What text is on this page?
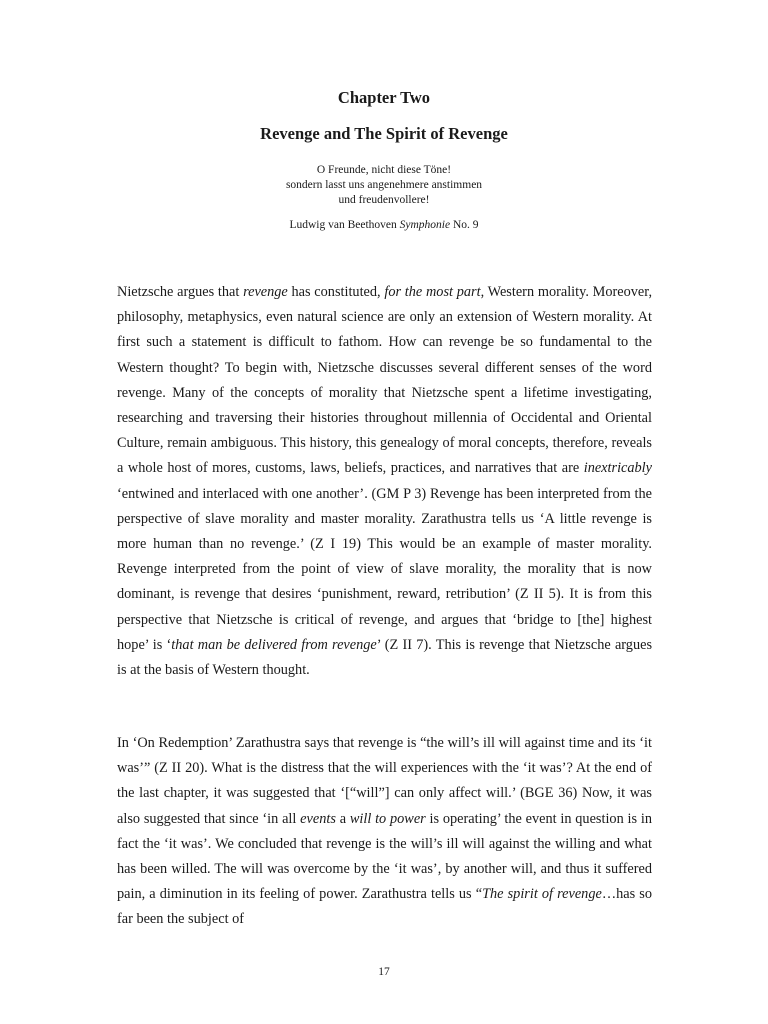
Chapter Two
Revenge and The Spirit of Revenge
O Freunde, nicht diese Töne!
sondern lasst uns angenehmere anstimmen
und freudenvollere!
Ludwig van Beethoven Symphonie No. 9

Nietzsche argues that revenge has constituted, for the most part, Western morality. Moreover, philosophy, metaphysics, even natural science are only an extension of Western morality. At first such a statement is difficult to fathom. How can revenge be so fundamental to the Western thought? To begin with, Nietzsche discusses several different senses of the word revenge. Many of the concepts of morality that Nietzsche spent a lifetime investigating, researching and traversing their histories throughout millennia of Occidental and Oriental Culture, remain ambiguous. This history, this genealogy of moral concepts, therefore, reveals a whole host of mores, customs, laws, beliefs, practices, and narratives that are inextricably ‘entwined and interlaced with one another’. (GM P 3) Revenge has been interpreted from the perspective of slave morality and master morality. Zarathustra tells us ‘A little revenge is more human than no revenge.’ (Z I 19) This would be an example of master morality. Revenge interpreted from the point of view of slave morality, the morality that is now dominant, is revenge that desires ‘punishment, reward, retribution’ (Z II 5). It is from this perspective that Nietzsche is critical of revenge, and argues that ‘bridge to [the] highest hope’ is ‘that man be delivered from revenge’ (Z II 7). This is revenge that Nietzsche argues is at the basis of Western thought.

In ‘On Redemption’ Zarathustra says that revenge is “the will’s ill will against time and its ‘it was’” (Z II 20). What is the distress that the will experiences with the ‘it was’? At the end of the last chapter, it was suggested that ‘[“will”] can only affect will.’ (BGE 36) Now, it was also suggested that since ‘in all events a will to power is operating’ the event in question is in fact the ‘it was’. We concluded that revenge is the will’s ill will against the willing and what has been willed. The will was overcome by the ‘it was’, by another will, and thus it suffered pain, a diminution in its feeling of power. Zarathustra tells us “The spirit of revenge…has so far been the subject of

17
